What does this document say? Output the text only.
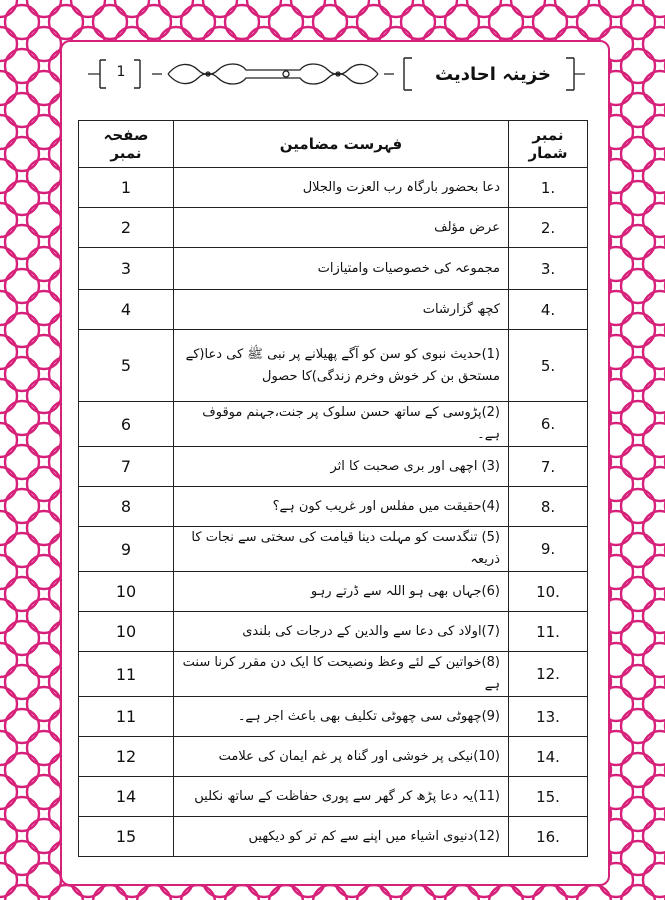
1	خزینہ احادیث
نمبر شمار	فہرست مضامین	صفحہ نمبر
1.	دعا بحضور بارگاہ رب العزت والجلال	1
2.	عرض مؤلف	2
3.	مجموعہ کی خصوصیات وامتیازات	3
4.	کچھ گزارشات	4
5.	(1)حدیث نبوی کو سن کو آگے پھیلانے پر نبی ﷺ کی دعا(کے مستحق بن کر خوش وخرم زندگی)کا حصول	5
6.	(2)پڑوسی کے ساتھ حسن سلوک پر جنت،جہنم موقوف ہے۔	6
7.	(3) اچھی اور بری صحبت کا اثر	7
8.	(4)حقیقت میں مفلس اور غریب کون ہے؟	8
9.	(5) تنگدست کو مہلت دینا قیامت کی سختی سے نجات کا ذریعہ	9
10.	(6)جہاں بھی ہو اللہ سے ڈرتے رہو	10
11.	(7)اولاد کی دعا سے والدین کے درجات کی بلندی	10
12.	(8)خواتین کے لئے وعظ ونصیحت کا ایک دن مقرر کرنا سنت ہے	11
13.	(9)چھوٹی سی چھوٹی تکلیف بھی باعث اجر ہے۔	11
14.	(10)نیکی پر خوشی اور گناہ پر غم ایمان کی علامت	12
15.	(11)یہ دعا پڑھ کر گھر سے پوری حفاظت کے ساتھ نکلیں	14
16.	(12)دنیوی اشیاء میں اپنے سے کم تر کو دیکھیں	15
